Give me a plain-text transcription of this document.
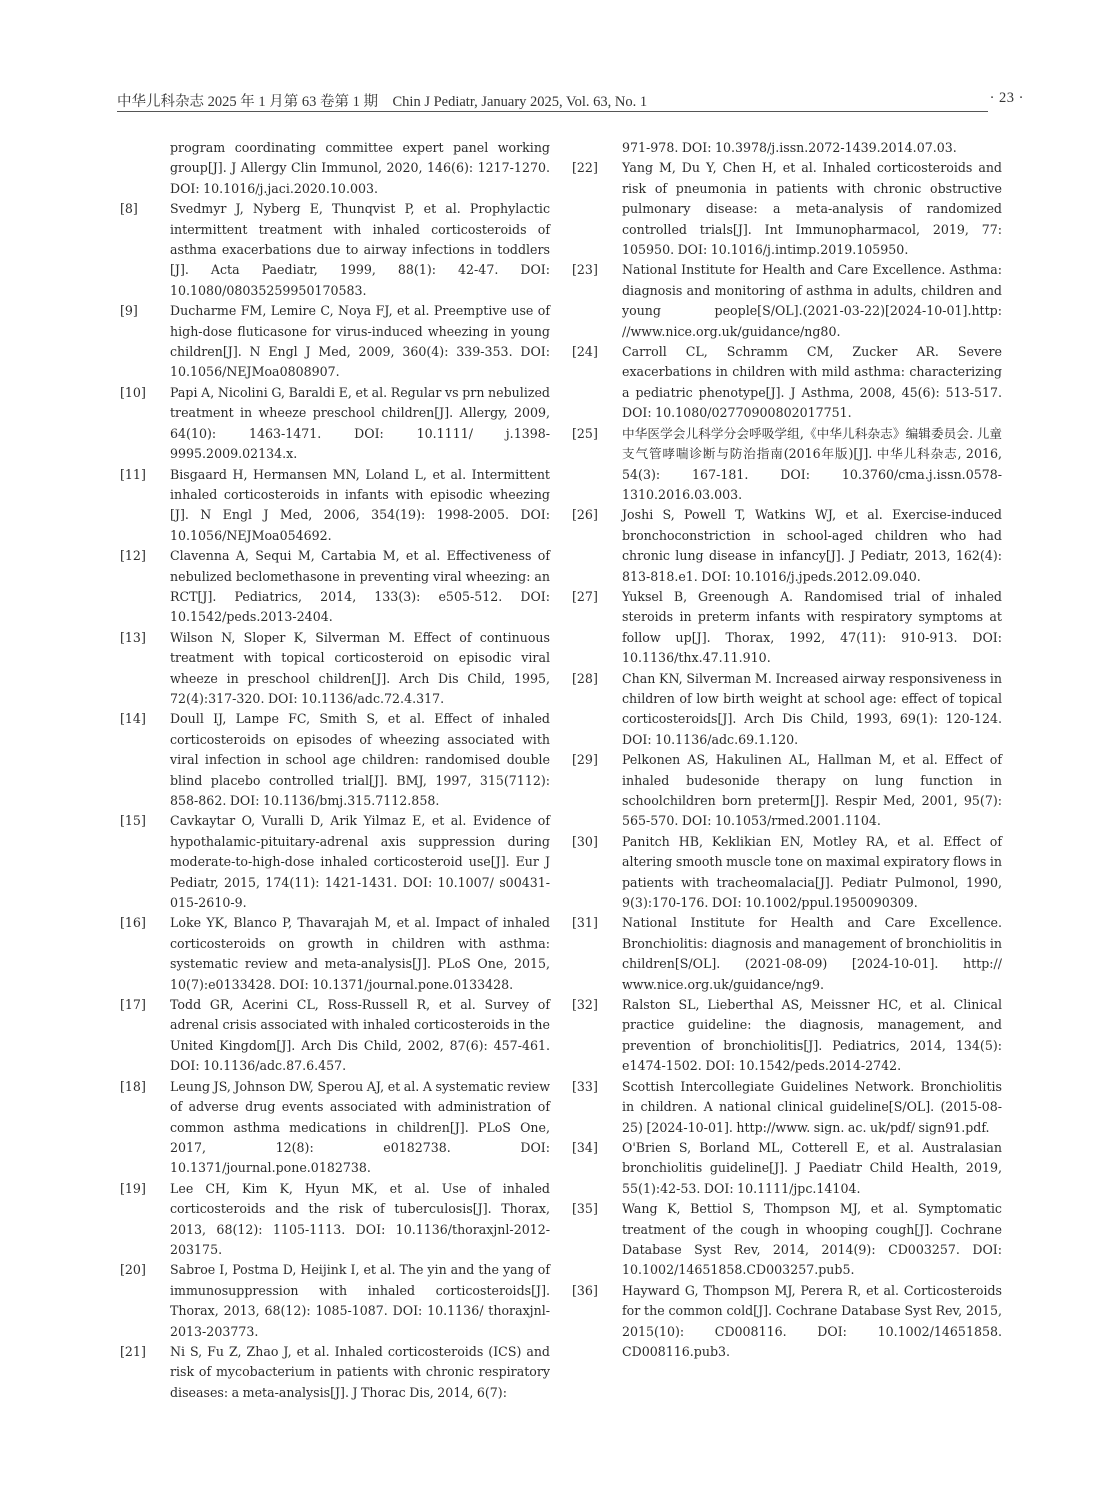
中华儿科杂志 2025 年 1 月第 63 卷第 1 期 Chin J Pediatr, January 2025, Vol. 63, No. 1	· 23 ·
program coordinating committee expert panel working group[J]. J Allergy Clin Immunol, 2020, 146(6): 1217-1270. DOI: 10.1016/j.jaci.2020.10.003.
[8]	Svedmyr J, Nyberg E, Thunqvist P, et al. Prophylactic intermittent treatment with inhaled corticosteroids of asthma exacerbations due to airway infections in toddlers [J]. Acta Paediatr, 1999, 88(1): 42-47. DOI: 10.1080/08035259950170583.
[9]	Ducharme FM, Lemire C, Noya FJ, et al. Preemptive use of high-dose fluticasone for virus-induced wheezing in young children[J]. N Engl J Med, 2009, 360(4): 339-353. DOI: 10.1056/NEJMoa0808907.
[10]	Papi A, Nicolini G, Baraldi E, et al. Regular vs prn nebulized treatment in wheeze preschool children[J]. Allergy, 2009, 64(10): 1463-1471. DOI: 10.1111/ j.1398-9995.2009.02134.x.
[11]	Bisgaard H, Hermansen MN, Loland L, et al. Intermittent inhaled corticosteroids in infants with episodic wheezing [J]. N Engl J Med, 2006, 354(19): 1998-2005. DOI: 10.1056/NEJMoa054692.
[12]	Clavenna A, Sequi M, Cartabia M, et al. Effectiveness of nebulized beclomethasone in preventing viral wheezing: an RCT[J]. Pediatrics, 2014, 133(3): e505-512. DOI: 10.1542/peds.2013-2404.
[13]	Wilson N, Sloper K, Silverman M. Effect of continuous treatment with topical corticosteroid on episodic viral wheeze in preschool children[J]. Arch Dis Child, 1995, 72(4):317-320. DOI: 10.1136/adc.72.4.317.
[14]	Doull IJ, Lampe FC, Smith S, et al. Effect of inhaled corticosteroids on episodes of wheezing associated with viral infection in school age children: randomised double blind placebo controlled trial[J]. BMJ, 1997, 315(7112): 858-862. DOI: 10.1136/bmj.315.7112.858.
[15]	Cavkaytar O, Vuralli D, Arik Yilmaz E, et al. Evidence of hypothalamic-pituitary-adrenal axis suppression during moderate-to-high-dose inhaled corticosteroid use[J]. Eur J Pediatr, 2015, 174(11): 1421-1431. DOI: 10.1007/ s00431-015-2610-9.
[16]	Loke YK, Blanco P, Thavarajah M, et al. Impact of inhaled corticosteroids on growth in children with asthma: systematic review and meta-analysis[J]. PLoS One, 2015, 10(7):e0133428. DOI: 10.1371/journal.pone.0133428.
[17]	Todd GR, Acerini CL, Ross-Russell R, et al. Survey of adrenal crisis associated with inhaled corticosteroids in the United Kingdom[J]. Arch Dis Child, 2002, 87(6): 457-461. DOI: 10.1136/adc.87.6.457.
[18]	Leung JS, Johnson DW, Sperou AJ, et al. A systematic review of adverse drug events associated with administration of common asthma medications in children[J]. PLoS One, 2017, 12(8): e0182738. DOI: 10.1371/journal.pone.0182738.
[19]	Lee CH, Kim K, Hyun MK, et al. Use of inhaled corticosteroids and the risk of tuberculosis[J]. Thorax, 2013, 68(12): 1105-1113. DOI: 10.1136/thoraxjnl-2012-203175.
[20]	Sabroe I, Postma D, Heijink I, et al. The yin and the yang of immunosuppression with inhaled corticosteroids[J]. Thorax, 2013, 68(12): 1085-1087. DOI: 10.1136/ thoraxjnl-2013-203773.
[21]	Ni S, Fu Z, Zhao J, et al. Inhaled corticosteroids (ICS) and risk of mycobacterium in patients with chronic respiratory diseases: a meta-analysis[J]. J Thorac Dis, 2014, 6(7):
971-978. DOI: 10.3978/j.issn.2072-1439.2014.07.03.
[22]	Yang M, Du Y, Chen H, et al. Inhaled corticosteroids and risk of pneumonia in patients with chronic obstructive pulmonary disease: a meta-analysis of randomized controlled trials[J]. Int Immunopharmacol, 2019, 77: 105950. DOI: 10.1016/j.intimp.2019.105950.
[23]	National Institute for Health and Care Excellence. Asthma: diagnosis and monitoring of asthma in adults, children and young people[S/OL].(2021-03-22)[2024-10-01].http: //www.nice.org.uk/guidance/ng80.
[24]	Carroll CL, Schramm CM, Zucker AR. Severe exacerbations in children with mild asthma: characterizing a pediatric phenotype[J]. J Asthma, 2008, 45(6): 513-517. DOI: 10.1080/02770900802017751.
[25]	中华医学会儿科学分会呼吸学组,《中华儿科杂志》编辑委员会. 儿童支气管哮喘诊断与防治指南(2016年版)[J]. 中华儿科杂志, 2016, 54(3): 167-181. DOI: 10.3760/cma.j.issn.0578-1310.2016.03.003.
[26]	Joshi S, Powell T, Watkins WJ, et al. Exercise-induced bronchoconstriction in school-aged children who had chronic lung disease in infancy[J]. J Pediatr, 2013, 162(4): 813-818.e1. DOI: 10.1016/j.jpeds.2012.09.040.
[27]	Yuksel B, Greenough A. Randomised trial of inhaled steroids in preterm infants with respiratory symptoms at follow up[J]. Thorax, 1992, 47(11): 910-913. DOI: 10.1136/thx.47.11.910.
[28]	Chan KN, Silverman M. Increased airway responsiveness in children of low birth weight at school age: effect of topical corticosteroids[J]. Arch Dis Child, 1993, 69(1): 120-124. DOI: 10.1136/adc.69.1.120.
[29]	Pelkonen AS, Hakulinen AL, Hallman M, et al. Effect of inhaled budesonide therapy on lung function in schoolchildren born preterm[J]. Respir Med, 2001, 95(7): 565-570. DOI: 10.1053/rmed.2001.1104.
[30]	Panitch HB, Keklikian EN, Motley RA, et al. Effect of altering smooth muscle tone on maximal expiratory flows in patients with tracheomalacia[J]. Pediatr Pulmonol, 1990, 9(3):170-176. DOI: 10.1002/ppul.1950090309.
[31]	National Institute for Health and Care Excellence. Bronchiolitis: diagnosis and management of bronchiolitis in children[S/OL]. (2021-08-09) [2024-10-01]. http:// www.nice.org.uk/guidance/ng9.
[32]	Ralston SL, Lieberthal AS, Meissner HC, et al. Clinical practice guideline: the diagnosis, management, and prevention of bronchiolitis[J]. Pediatrics, 2014, 134(5): e1474-1502. DOI: 10.1542/peds.2014-2742.
[33]	Scottish Intercollegiate Guidelines Network. Bronchiolitis in children. A national clinical guideline[S/OL]. (2015-08-25) [2024-10-01]. http://www. sign. ac. uk/pdf/ sign91.pdf.
[34]	O'Brien S, Borland ML, Cotterell E, et al. Australasian bronchiolitis guideline[J]. J Paediatr Child Health, 2019, 55(1):42-53. DOI: 10.1111/jpc.14104.
[35]	Wang K, Bettiol S, Thompson MJ, et al. Symptomatic treatment of the cough in whooping cough[J]. Cochrane Database Syst Rev, 2014, 2014(9): CD003257. DOI: 10.1002/14651858.CD003257.pub5.
[36]	Hayward G, Thompson MJ, Perera R, et al. Corticosteroids for the common cold[J]. Cochrane Database Syst Rev, 2015, 2015(10): CD008116. DOI: 10.1002/14651858. CD008116.pub3.
